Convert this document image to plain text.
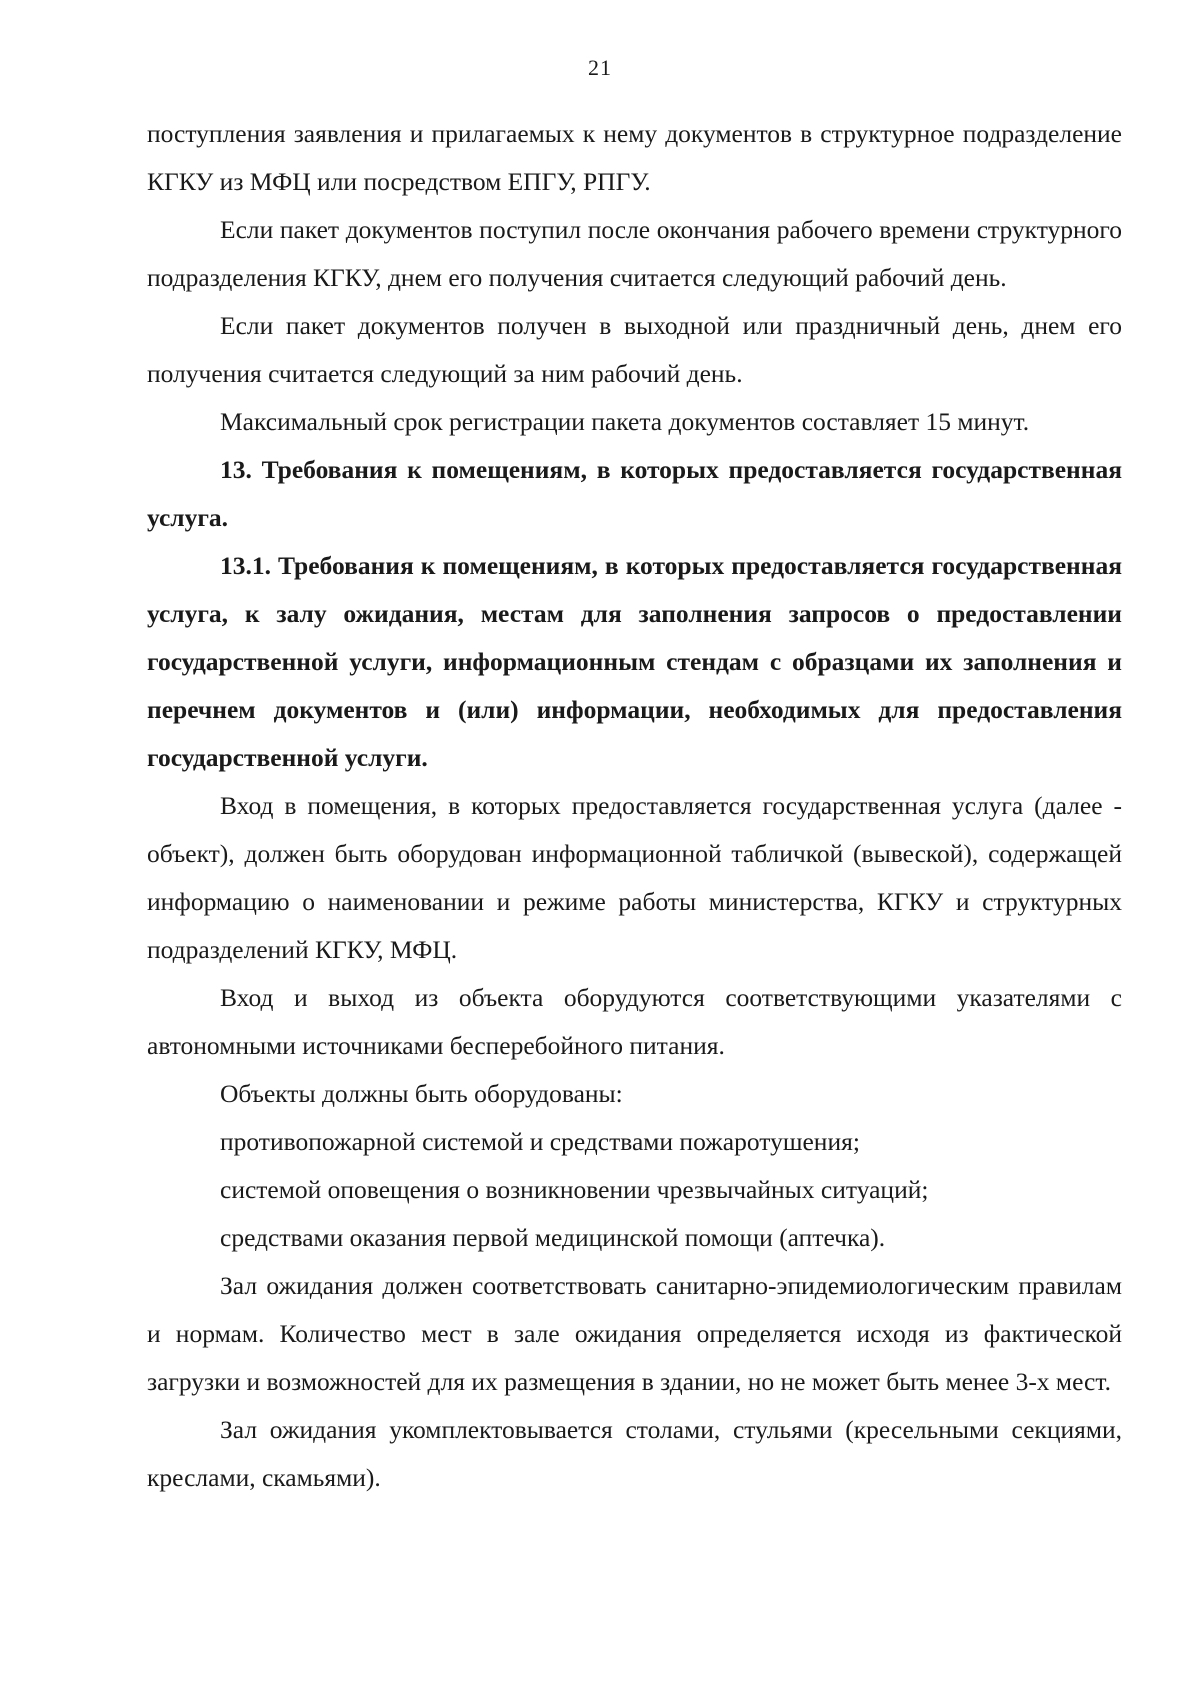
21

поступления заявления и прилагаемых к нему документов в структурное подразделение КГКУ из МФЦ или посредством ЕПГУ, РПГУ.

Если пакет документов поступил после окончания рабочего времени структурного подразделения КГКУ, днем его получения считается следующий рабочий день.

Если пакет документов получен в выходной или праздничный день, днем его получения считается следующий за ним рабочий день.

Максимальный срок регистрации пакета документов составляет 15 минут.

13. Требования к помещениям, в которых предоставляется государственная услуга.

13.1. Требования к помещениям, в которых предоставляется государственная услуга, к залу ожидания, местам для заполнения запросов о предоставлении государственной услуги, информационным стендам с образцами их заполнения и перечнем документов и (или) информации, необходимых для предоставления государственной услуги.

Вход в помещения, в которых предоставляется государственная услуга (далее - объект), должен быть оборудован информационной табличкой (вывеской), содержащей информацию о наименовании и режиме работы министерства, КГКУ и структурных подразделений КГКУ, МФЦ.

Вход и выход из объекта оборудуются соответствующими указателями с автономными источниками бесперебойного питания.

Объекты должны быть оборудованы:

противопожарной системой и средствами пожаротушения;

системой оповещения о возникновении чрезвычайных ситуаций;

средствами оказания первой медицинской помощи (аптечка).

Зал ожидания должен соответствовать санитарно-эпидемиологическим правилам и нормам. Количество мест в зале ожидания определяется исходя из фактической загрузки и возможностей для их размещения в здании, но не может быть менее 3-х мест.

Зал ожидания укомплектовывается столами, стульями (кресельными секциями, креслами, скамьями).
